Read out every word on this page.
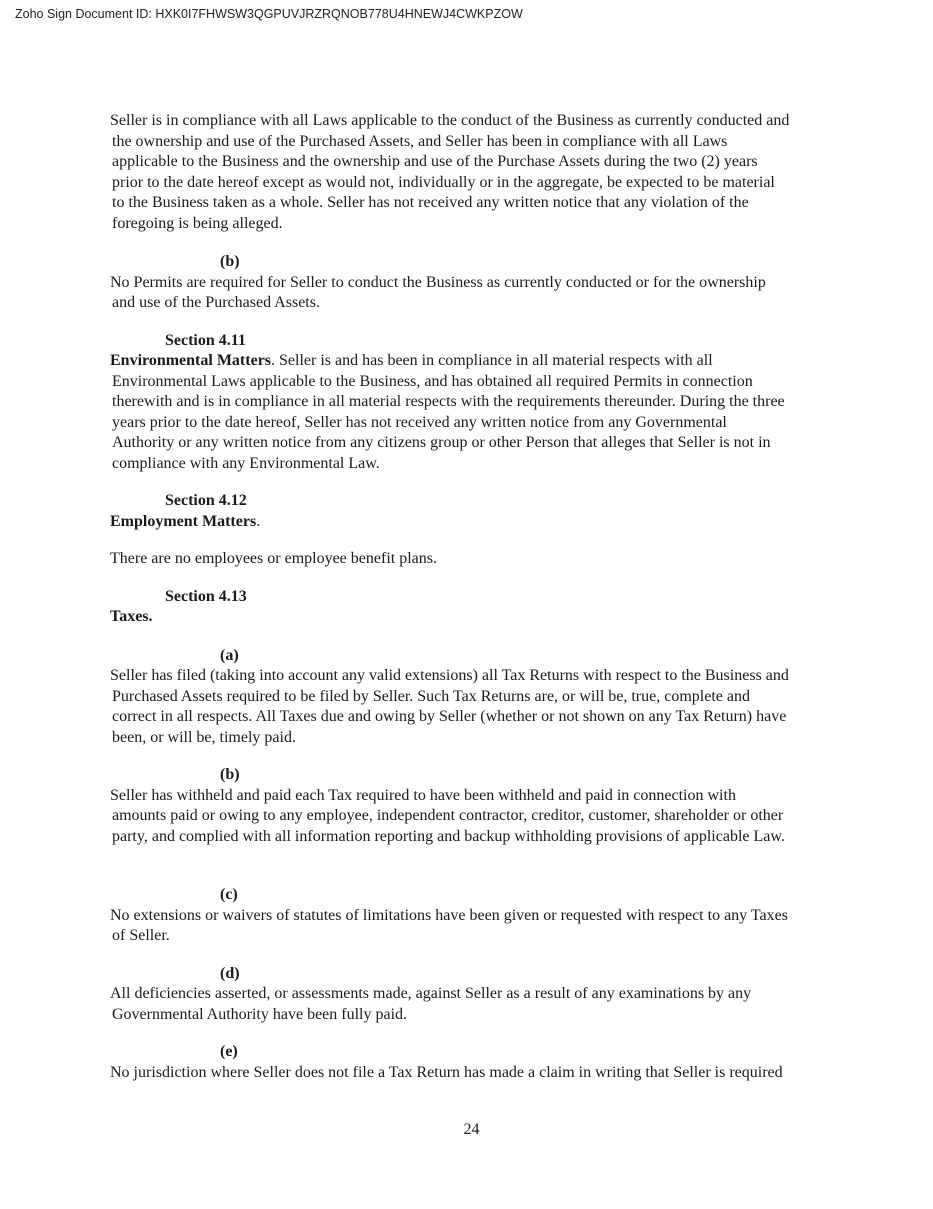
Zoho Sign Document ID: HXK0I7FHWSW3QGPUVJRZRQNOB778U4HNEWJ4CWKPZOW

Seller is in compliance with all Laws applicable to the conduct of the Business as currently conducted and
the ownership and use of the Purchased Assets, and Seller has been in compliance with all Laws
applicable to the Business and the ownership and use of the Purchase Assets during the two (2) years
prior to the date hereof except as would not, individually or in the aggregate, be expected to be material
to the Business taken as a whole. Seller has not received any written notice that any violation of the
foregoing is being alleged.

(b)

No Permits are required for Seller to conduct the Business as currently conducted or for the ownership
and use of the Purchased Assets.

Section 4.11

Environmental Matters. Seller is and has been in compliance in all material respects with all
Environmental Laws applicable to the Business, and has obtained all required Permits in connection
therewith and is in compliance in all material respects with the requirements thereunder. During the three
years prior to the date hereof, Seller has not received any written notice from any Governmental
Authority or any written notice from any citizens group or other Person that alleges that Seller is not in
compliance with any Environmental Law.

Section 4.12

Employment Matters.

There are no employees or employee benefit plans.

Section 4.13

Taxes.

(a)

Seller has filed (taking into account any valid extensions) all Tax Returns with respect to the Business and
Purchased Assets required to be filed by Seller. Such Tax Returns are, or will be, true, complete and
correct in all respects. All Taxes due and owing by Seller (whether or not shown on any Tax Return) have
been, or will be, timely paid.

(b)

Seller has withheld and paid each Tax required to have been withheld and paid in connection with
amounts paid or owing to any employee, independent contractor, creditor, customer, shareholder or other
party, and complied with all information reporting and backup withholding provisions of applicable Law.

(c)

No extensions or waivers of statutes of limitations have been given or requested with respect to any Taxes
of Seller.

(d)

All deficiencies asserted, or assessments made, against Seller as a result of any examinations by any
Governmental Authority have been fully paid.

(e)

No jurisdiction where Seller does not file a Tax Return has made a claim in writing that Seller is required

24
